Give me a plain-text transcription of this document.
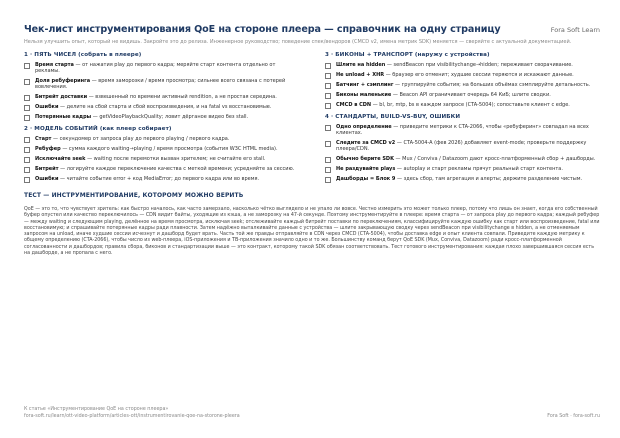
Чек-лист инструментирования QoE на стороне плеера — справочник на одну страницу	Fora Soft Learn
Нельзя улучшить опыт, который не видишь. Закройте это до релиза. Инженерное руководство; поведение спек/вендоров (CMCD v2, имена метрик SDK) меняется — сверяйте с актуальной документацией.
1 · ПЯТЬ ЧИСЕЛ (собрать в плеере)
Время старта — от нажатия play до первого кадра; меряйте старт контента отдельно от рекламы.
Доля ребуферинга — время заморозки / время просмотра; сильнее всего связана с потерей вовлечения.
Битрейт доставки — взвешенный по времени активный rendition, а не простая середина.
Ошибки — делите на сбой старта и сбой воспроизведения, и на fatal vs восстановимые.
Потерянные кадры — getVideoPlaybackQuality; ловит дёрганое видео без stall.
2 · МОДЕЛЬ СОБЫТИЙ (как плеер собирает)
Старт — секундомер от запроса play до первого playing / первого кадра.
Ребуфер — сумма каждого waiting→playing / время просмотра (события W3C HTML media).
Исключайте seek — waiting после перемотки вызван зрителем; не считайте его stall.
Битрейт — логируйте каждое переключение качества с меткой времени; усредняйте за сессию.
Ошибки — читайте событие error + код MediaError; до первого кадра или во время.
3 · БИКОНЫ + ТРАНСПОРТ (наружу с устройства)
Шлите на hidden — sendBeacon при visibilitychange→hidden; переживает сворачивание.
He unload + XHR — браузер его отменит; худшие сессии теряются и искажают данные.
Батчинг + сэмплинг — группируйте события; на больших объёмах сэмплируйте детальность.
Биконы маленькие — Beacon API ограничивает очередь 64 КиБ; шлите сводки.
CMCD в CDN — bl, br, mtp, bs в каждом запросе (CTA-5004); сопоставьте клиент с edge.
4 · СТАНДАРТЫ, BUILD-VS-BUY, ОШИБКИ
Одно определение — приведите метрики к CTA-2066, чтобы «ребуферинг» совпадал на всех клиентах.
Следите за CMCD v2 — CTA-5004-A (фев 2026) добавляет event-mode; проверьте поддержку плеера/CDN.
Обычно берите SDK — Mux / Conviva / Datazoom дают кросс-платформенный сбор + дашборды.
Не раздувайте plays — autoplay и старт рекламы прячут реальный старт контента.
Дашборды = Блок 9 — здесь сбор, там агрегация и алерты; держите разделение чистым.
ТЕСТ — ИНСТРУМЕНТИРОВАНИЕ, КОТОРОМУ МОЖНО ВЕРИТЬ
QoE — это то, что чувствует зритель: как быстро началось, как часто замерзало, насколько чётко выглядело и не упало ли вовсе. Честно измерить это может только плеер, потому что лишь он знает, когда его собственный буфер опустел или качество переключилось — CDN видит байты, уходящие из кэша, а не заморозку на 47-й секунде. Поэтому инструментируйте в плеере: время старта — от запроса play до первого кадра; каждый ребуфер — между waiting и следующим playing, делённое на время просмотра, исключая seek; отслеживайте каждый битрейт поставки по переключениям, классифицируйте каждую ошибку как старт или воспроизведение, fatal или восстановимую; и спрашивайте потерянные кадры ради плавности. Затем надёжно выталкивайте данные с устройства — шлите закрывающую сводку через sendBeacon при visibilitychange в hidden, а не отменяемым запросом на unload, иначе худшие сессии исчезнут и дашборд будет врать. Часть той же правды отправляйте в CDN через CMCD (CTA-5004), чтобы доставка edge и опыт клиента совпали. Приведите каждую метрику к общему определению (CTA-2066), чтобы число из web-плеера, iOS-приложения и ТВ-приложения значило одно и то же. Большинству команд берут QoE SDK (Mux, Conviva, Datazoom) ради кросс-платформенной согласованности и дашбордов; правила сбора, биконов и стандартизации выше — это контракт, которому такой SDK обязан соответствовать. Тест готового инструментирования: каждая плохо завершившаяся сессия есть на дашборде, а не пропала с него.
К статье «Инструментирование QoE на стороне плеера»
fora-soft.ru/learn/ott-video-platform/articles-ott/instrumentirovanie-qoe-na-storone-pleera	Fora Soft · fora-soft.ru
